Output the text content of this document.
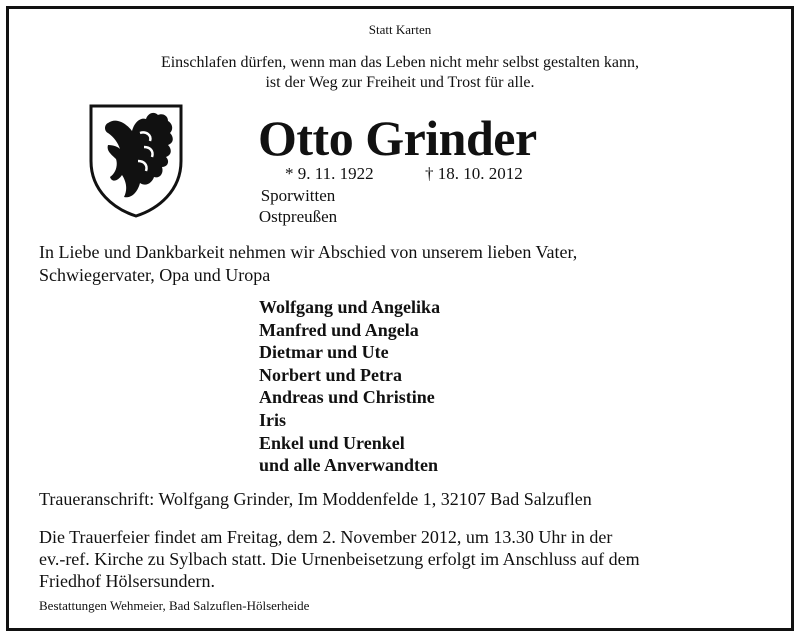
Statt Karten
Einschlafen dürfen, wenn man das Leben nicht mehr selbst gestalten kann,
ist der Weg zur Freiheit und Trost für alle.
Otto Grinder
* 9. 11. 1922	† 18. 10. 2012
Sporwitten
Ostpreußen
In Liebe und Dankbarkeit nehmen wir Abschied von unserem lieben Vater,
Schwiegervater, Opa und Uropa
Wolfgang und Angelika
Manfred und Angela
Dietmar und Ute
Norbert und Petra
Andreas und Christine
Iris
Enkel und Urenkel
und alle Anverwandten
Traueranschrift: Wolfgang Grinder, Im Moddenfelde 1, 32107 Bad Salzuflen
Die Trauerfeier findet am Freitag, dem 2. November 2012, um 13.30 Uhr in der
ev.-ref. Kirche zu Sylbach statt. Die Urnenbeisetzung erfolgt im Anschluss auf dem
Friedhof Hölsersundern.
Bestattungen Wehmeier, Bad Salzuflen-Hölserheide
